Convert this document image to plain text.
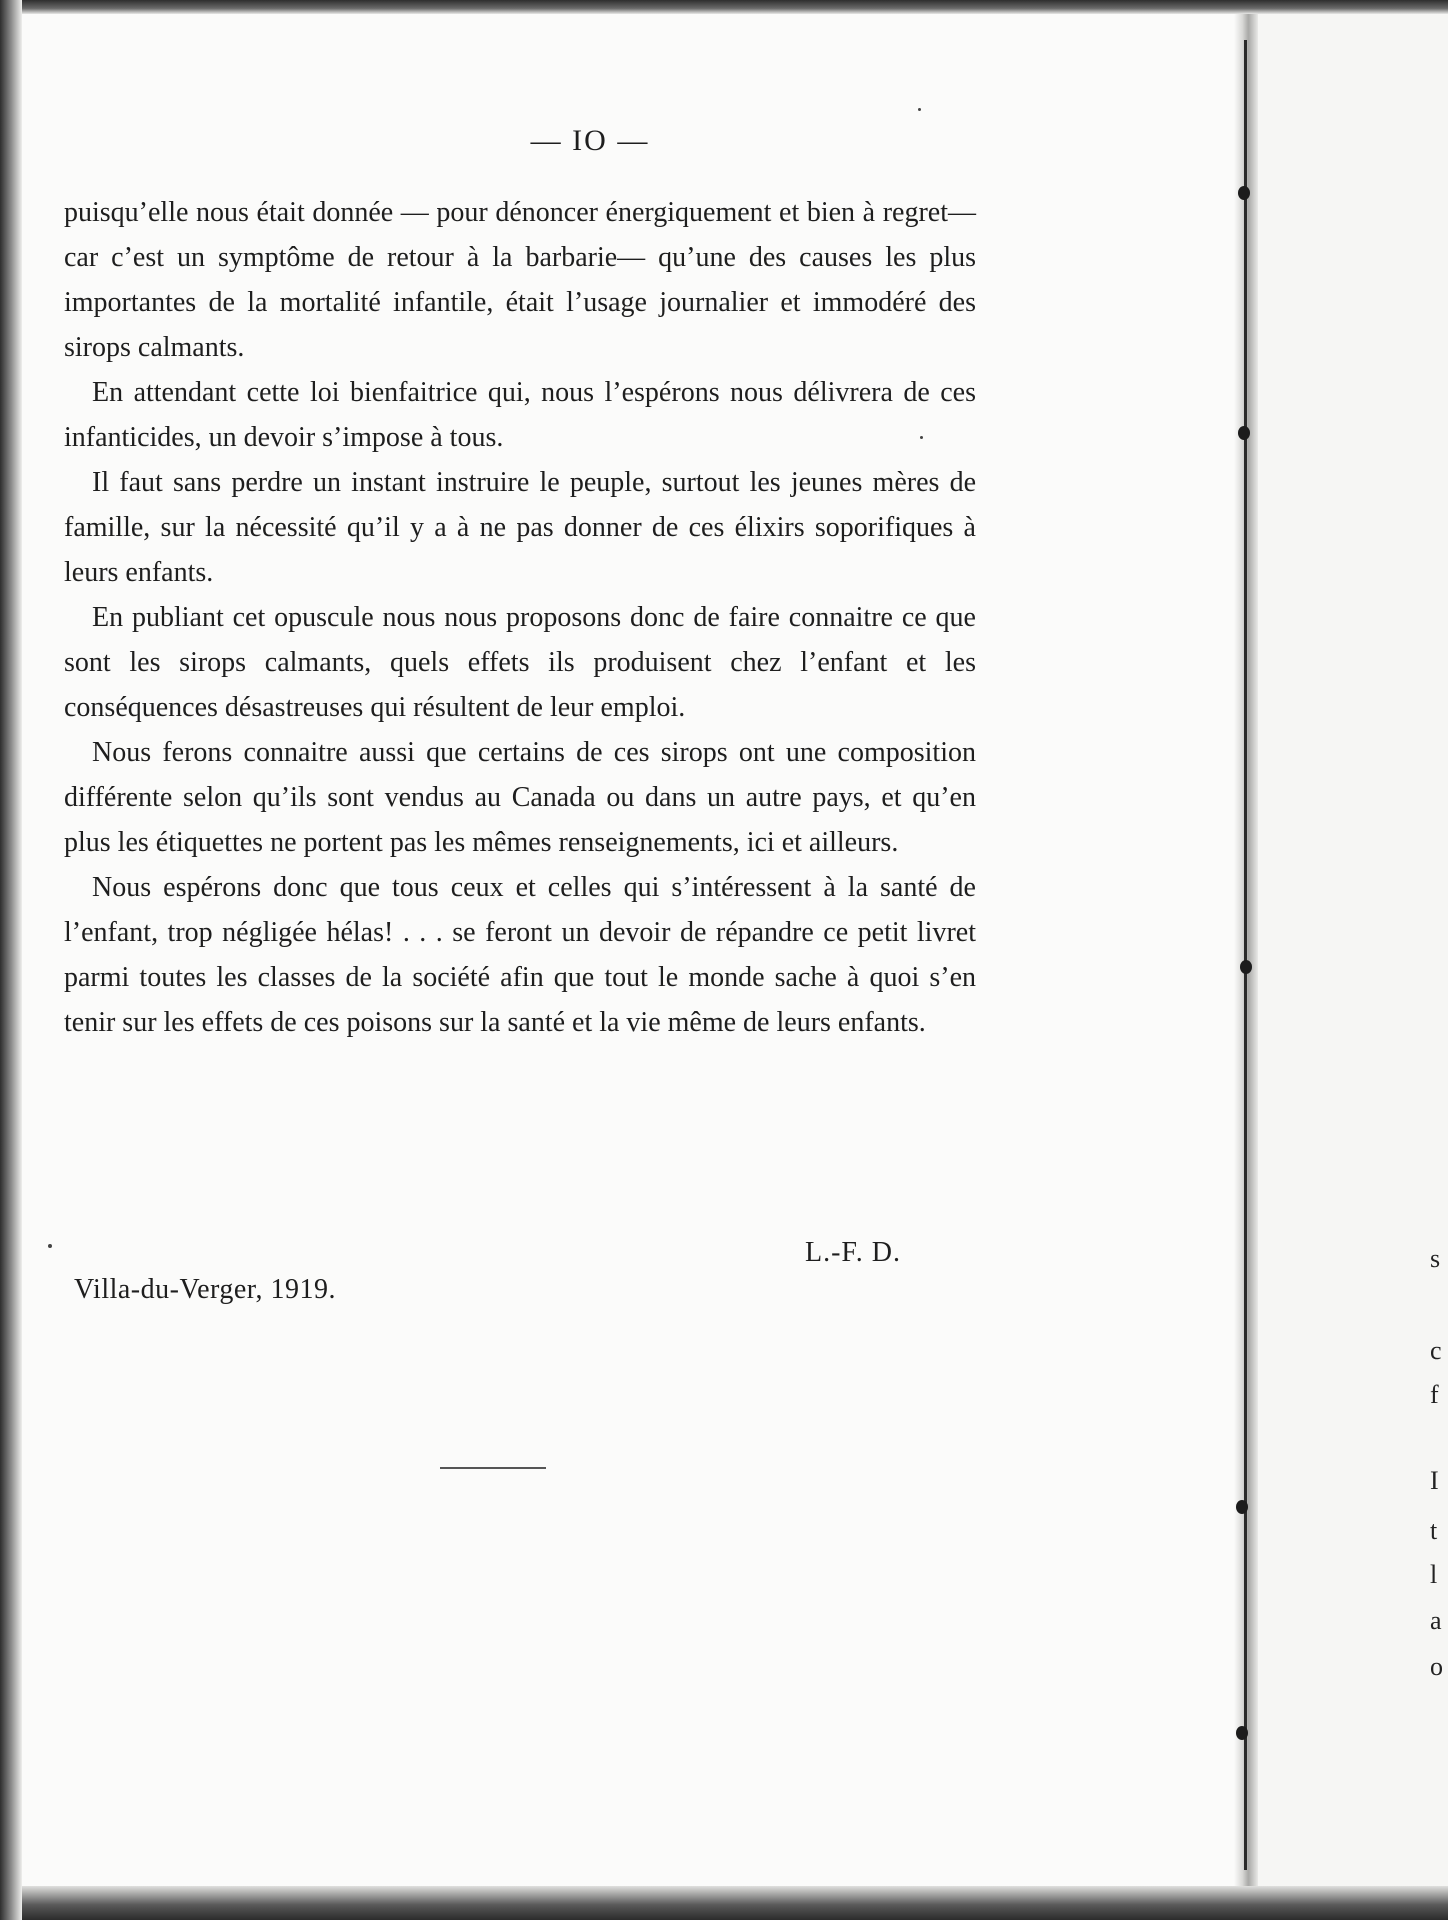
— IO —

puisqu’elle nous était donnée — pour dénoncer énergiquement et bien à regret—car c’est un symptôme de retour à la barbarie— qu’une des causes les plus importantes de la mortalité infantile, était l’usage journalier et immodéré des sirops calmants.

En attendant cette loi bienfaitrice qui, nous l’espérons nous délivrera de ces infanticides, un devoir s’impose à tous.

Il faut sans perdre un instant instruire le peuple, surtout les jeunes mères de famille, sur la nécessité qu’il y a à ne pas donner de ces élixirs soporifiques à leurs enfants.

En publiant cet opuscule nous nous proposons donc de faire connaitre ce que sont les sirops calmants, quels effets ils produisent chez l’enfant et les conséquences désastreuses qui résultent de leur emploi.

Nous ferons connaitre aussi que certains de ces sirops ont une composition différente selon qu’ils sont vendus au Canada ou dans un autre pays, et qu’en plus les étiquettes ne portent pas les mêmes renseignements, ici et ailleurs.

Nous espérons donc que tous ceux et celles qui s’intéressent à la santé de l’enfant, trop négligée hélas! . . . se feront un devoir de répandre ce petit livret parmi toutes les classes de la société afin que tout le monde sache à quoi s’en tenir sur les effets de ces poisons sur la santé et la vie même de leurs enfants.

L.-F. D.
Villa-du-Verger, 1919.
s
c
f
I
t
l
a
o
